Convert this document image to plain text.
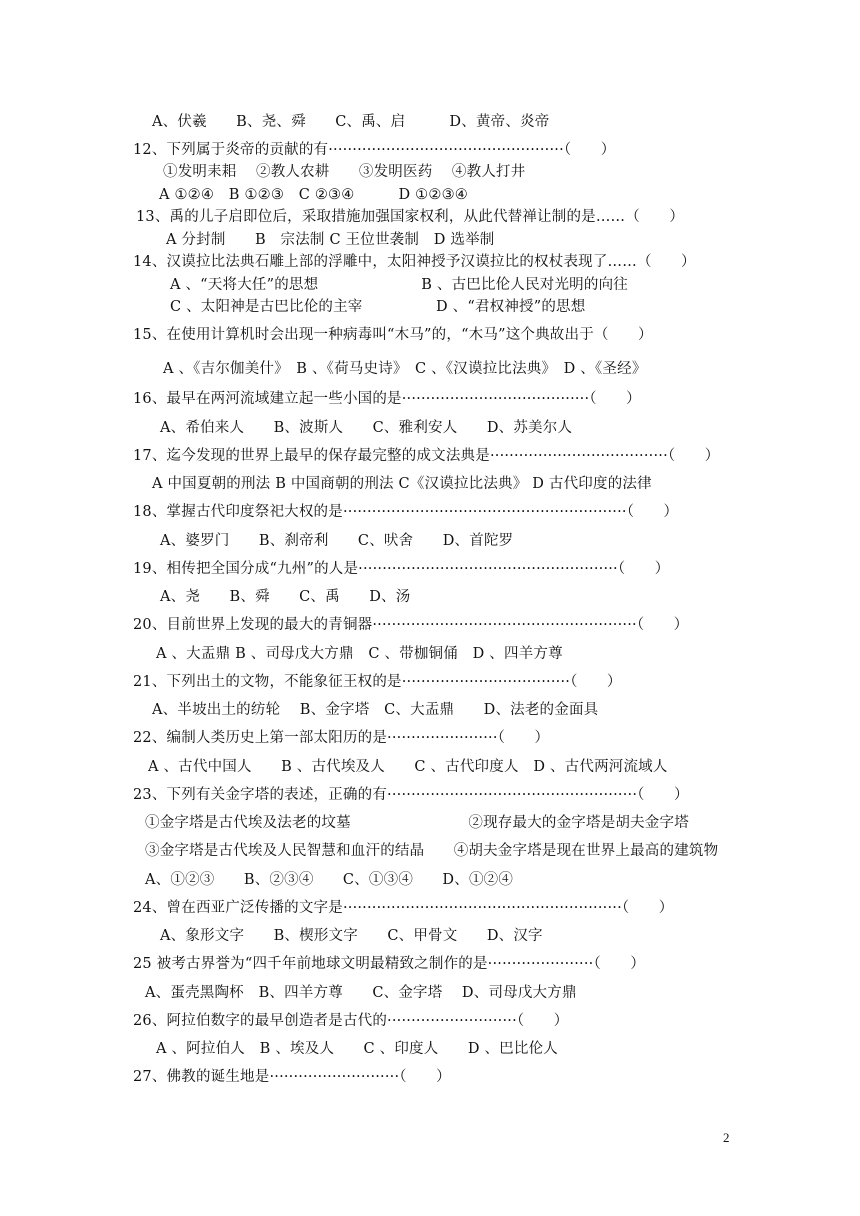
A、伏羲　　B、尧、舜　　C、禹、启　　　D、黄帝、炎帝
12、下列属于炎帝的贡献的有·················································（　　）
①发明耒耜　 ②教人农耕　　③发明医药　 ④教人打井
A ①②④　B ①②③　C ②③④　　　D ①②③④
13、禹的儿子启即位后，采取措施加强国家权利，从此代替禅让制的是……（　　）
A 分封制　　B　宗法制 C 王位世袭制　D 选举制
14、汉谟拉比法典石雕上部的浮雕中，太阳神授予汉谟拉比的权杖表现了……（　　）
A 、“天将大任”的思想　　　　　　　B 、古巴比伦人民对光明的向往
C 、太阳神是古巴比伦的主宰　　　　　D 、“君权神授”的思想
15、在使用计算机时会出现一种病毒叫“木马”的，“木马”这个典故出于（　　）
A 、《吉尔伽美什》　B 、《荷马史诗》　C 、《汉谟拉比法典》　D 、《圣经》
16、最早在两河流域建立起一些小国的是·······································（　　）
A、希伯来人　　B、波斯人　　C、雅利安人　　D、苏美尔人
17、迄今发现的世界上最早的保存最完整的成文法典是·····································（　　）
A 中国夏朝的刑法 B 中国商朝的刑法 C《汉谟拉比法典》 D 古代印度的法律
18、掌握古代印度祭祀大权的是···························································（　　）
A、婆罗门　　B、刹帝利　　C、吠舍　　D、首陀罗
19、相传把全国分成“九州”的人是······················································（　　）
A、尧　　B、舜　　C、禹　　D、汤
20、目前世界上发现的最大的青铜器·······················································（　　）
A 、大盂鼎 B 、司母戊大方鼎　C 、带枷铜俑　D 、四羊方尊
21、下列出土的文物，不能象征王权的是···································（　　）
A、半坡出土的纺轮　 B、金字塔　C、大盂鼎　　D、法老的金面具
22、编制人类历史上第一部太阳历的是·······················（　　）
A 、古代中国人　　B 、古代埃及人　　C 、古代印度人　D 、古代两河流域人
23、下列有关金字塔的表述，正确的有····················································（　　）
①金字塔是古代埃及法老的坟墓　　　　　　　　②现存最大的金字塔是胡夫金字塔
③金字塔是古代埃及人民智慧和血汗的结晶　　④胡夫金字塔是现在世界上最高的建筑物
A、①②③　　B、②③④　　C、①③④　　D、①②④
24、曾在西亚广泛传播的文字是··························································（　　）
A、象形文字　　B、楔形文字　　C、甲骨文　　D、汉字
25 被考古界誉为“四千年前地球文明最精致之制作的是······················（　　）
A、蛋壳黑陶杯　B、四羊方尊　　C、金字塔　 D、司母戊大方鼎
26、阿拉伯数字的最早创造者是古代的···························（　　）
A 、阿拉伯人　B 、埃及人　　C 、印度人　　D 、巴比伦人
27、佛教的诞生地是···························（　　）
2
